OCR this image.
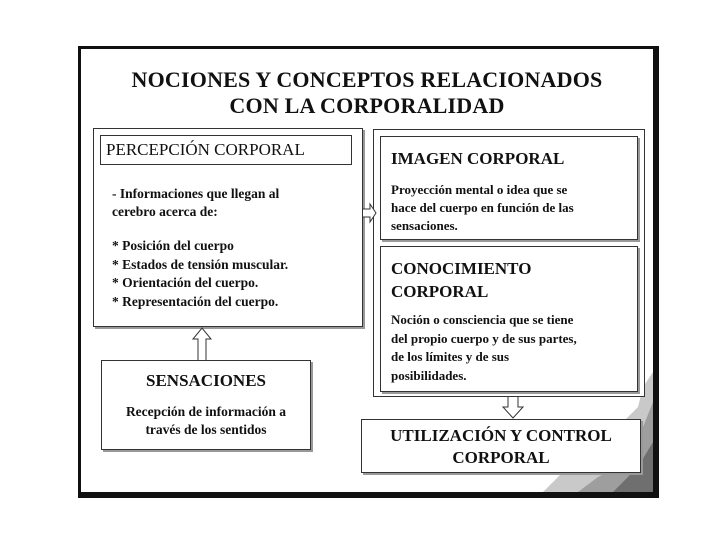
NOCIONES Y CONCEPTOS RELACIONADOS
CON LA CORPORALIDAD
PERCEPCIÓN CORPORAL
- Informaciones que llegan al
cerebro acerca de:
* Posición del cuerpo
* Estados de tensión muscular.
* Orientación del cuerpo.
* Representación del cuerpo.
IMAGEN CORPORAL
Proyección mental o idea que se
hace del cuerpo en función de las
sensaciones.
CONOCIMIENTO
CORPORAL
Noción o consciencia que se tiene
del propio cuerpo y de sus partes,
de los límites y de sus
posibilidades.
SENSACIONES
Recepción de información a
través de los sentidos	UTILIZACIÓN Y CONTROL
CORPORAL
